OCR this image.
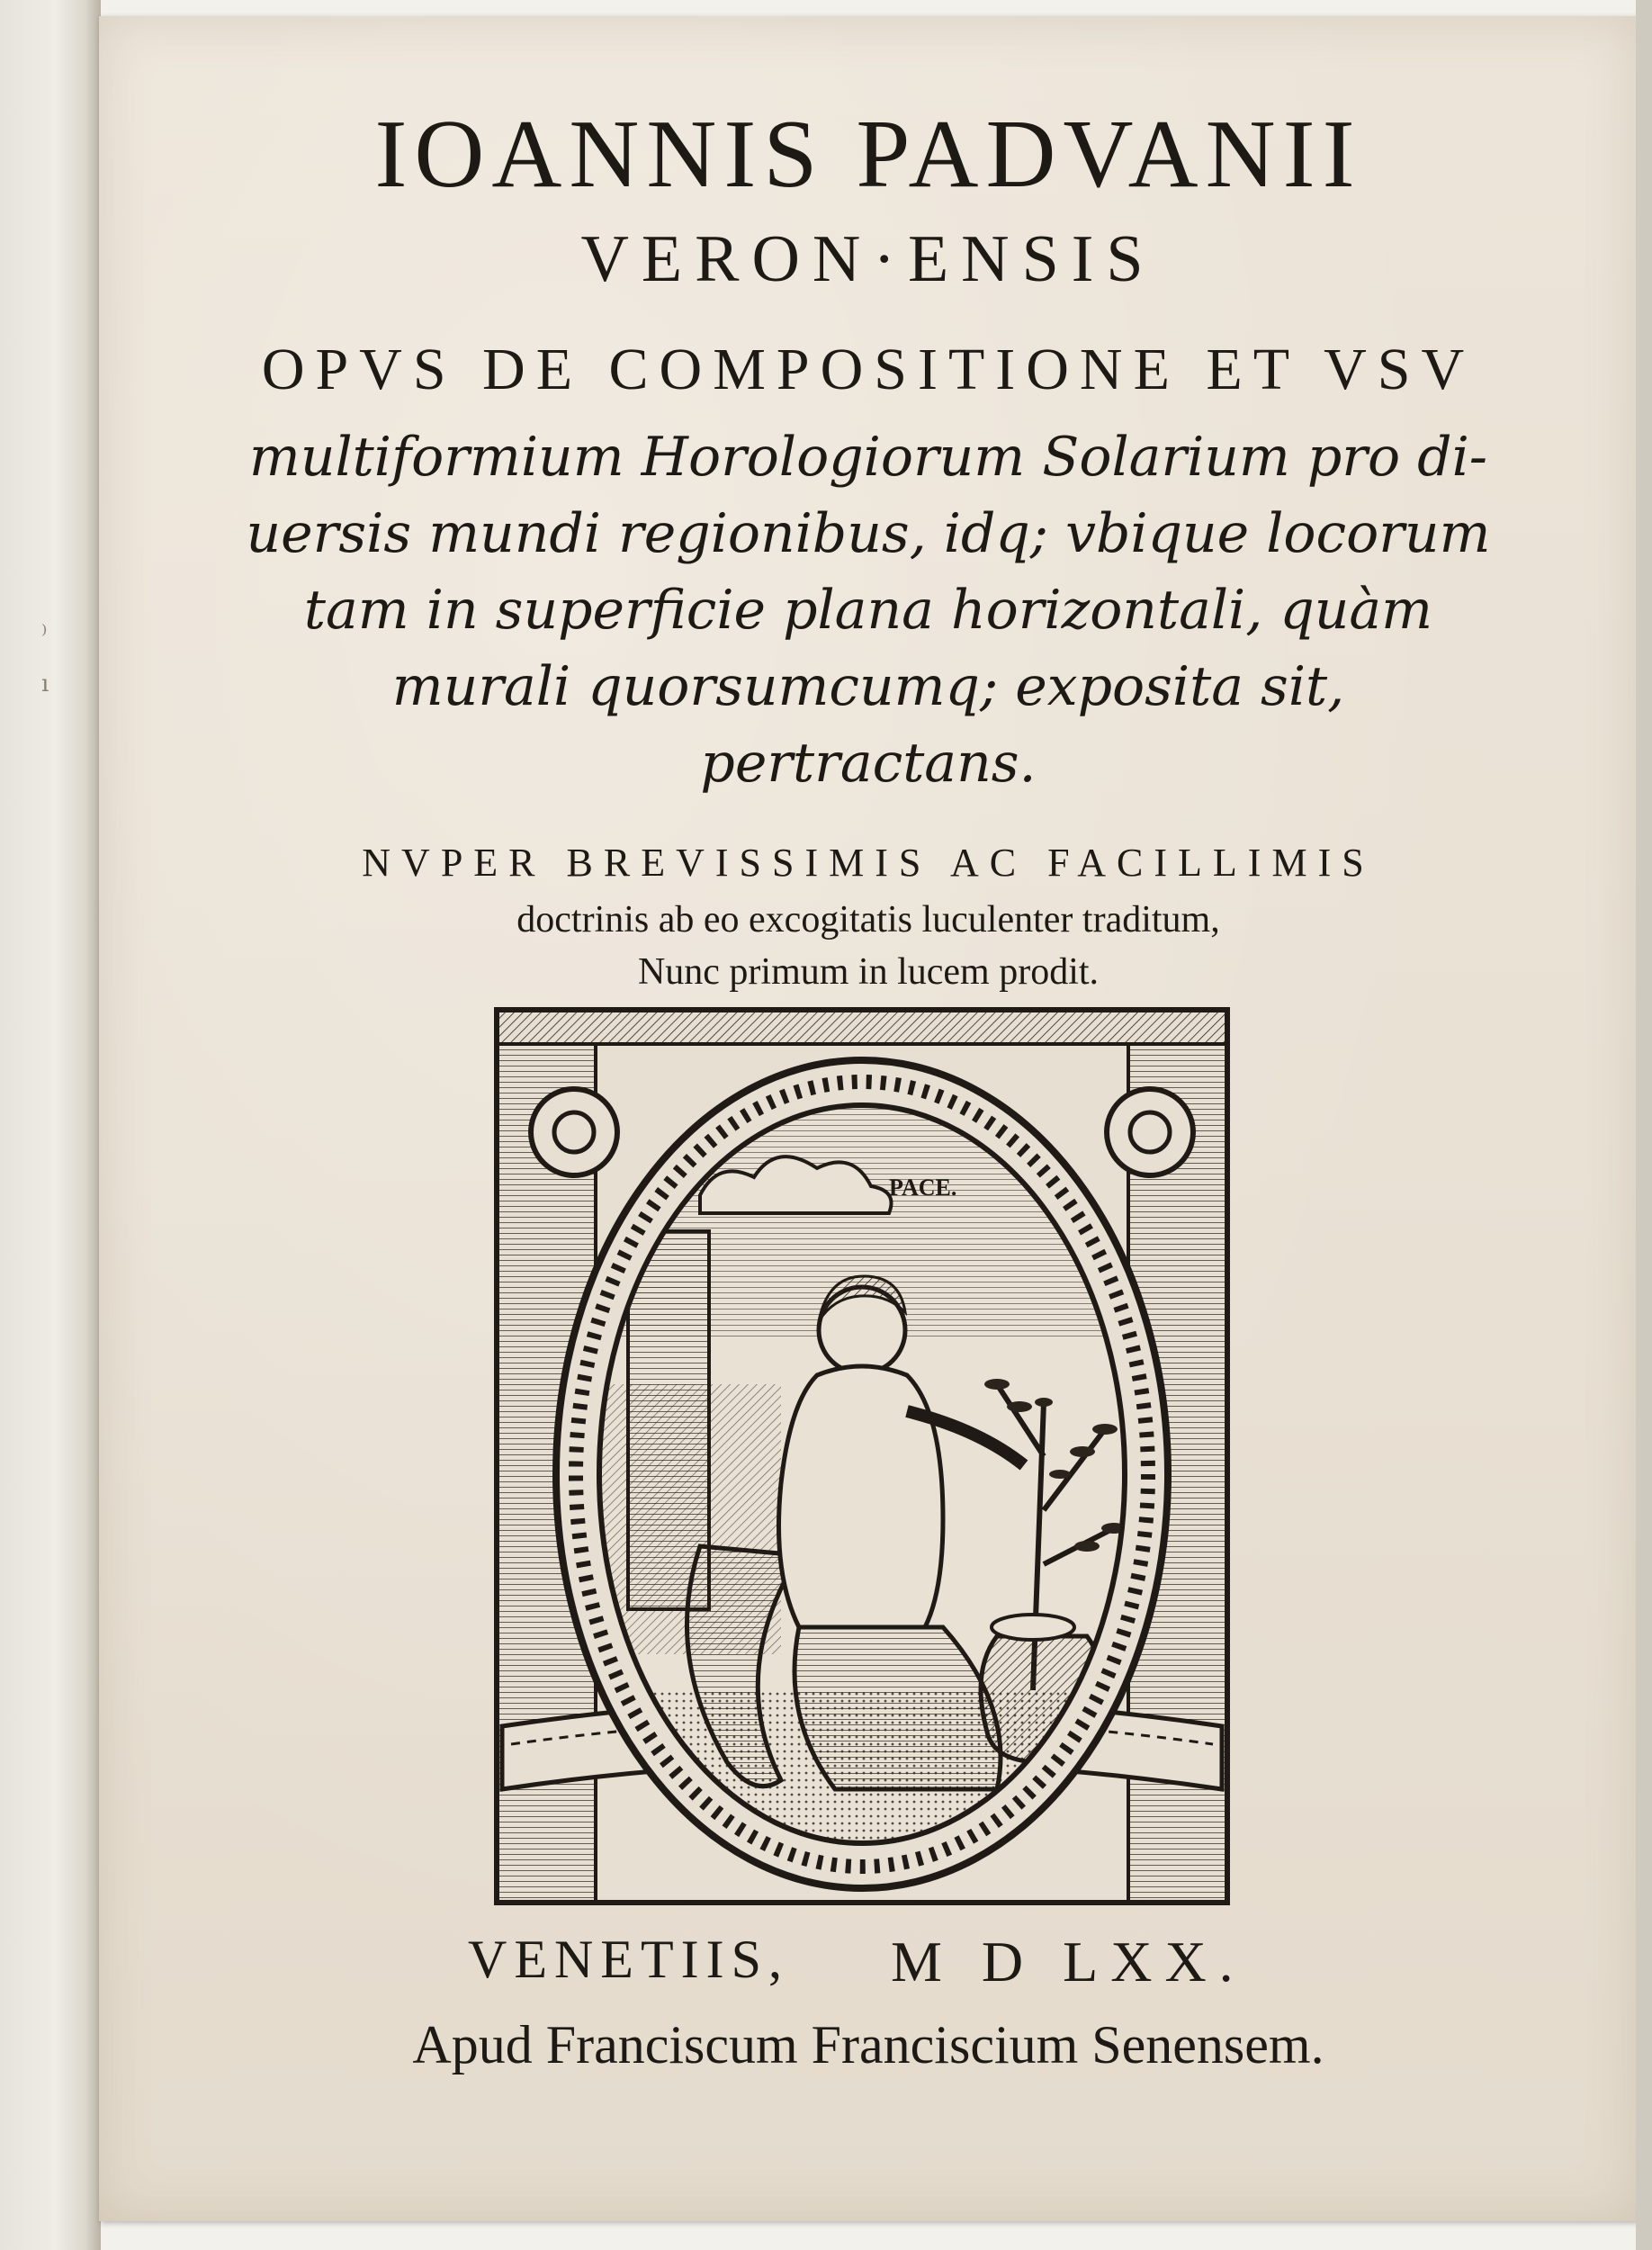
⁾
ı
IOANNIS PADVANII
VERON·ENSIS
OPVS DE COMPOSITIONE ET VSV
multiformium Horologiorum Solarium pro di-
uersis mundi regionibus, idq; vbique locorum
tam in superficie plana horizontali, quàm
murali quorsumcumq; exposita sit,
pertractans.
NVPER BREVISSIMIS AC FACILLIMIS
doctrinis ab eo excogitatis luculenter traditum,
Nunc primum in lucem prodit.
PACE.
VENETIIS, M D LXX.
Apud Franciscum Franciscium Senensem.
